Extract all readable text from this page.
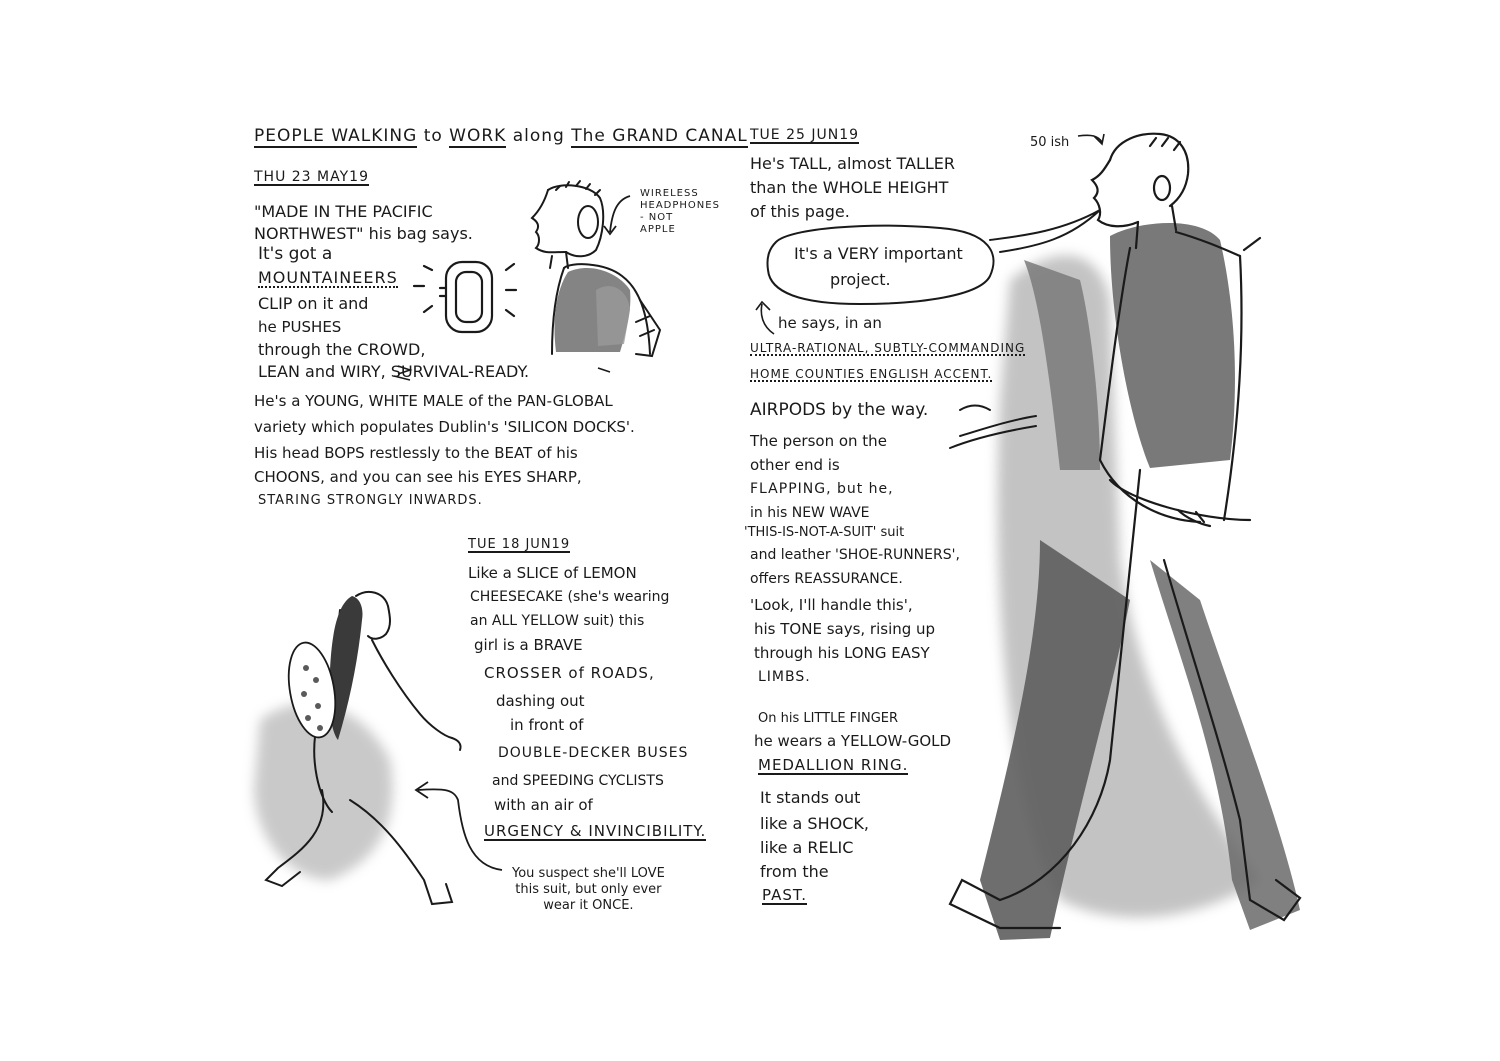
PEOPLE WALKING to WORK along The GRAND CANAL

THU 23 MAY19

"MADE IN THE PACIFIC

NORTHWEST" his bag says.

It's got a

MOUNTAINEERS

CLIP on it and

he PUSHES

through the CROWD,

LEAN and WIRY, SURVIVAL-READY.

He's a YOUNG, WHITE MALE of the PAN-GLOBAL

variety which populates Dublin's 'SILICON DOCKS'.

His head BOPS restlessly to the BEAT of his

CHOONS, and you can see his EYES SHARP,

STARING STRONGLY INWARDS.

WIRELESS
HEADPHONES
- NOT
APPLE

TUE 18 JUN19

Like a SLICE of LEMON

CHEESECAKE (she's wearing

an ALL YELLOW suit) this

girl is a BRAVE

CROSSER of ROADS,

dashing out

in front of

DOUBLE-DECKER BUSES

and SPEEDING CYCLISTS

with an air of

URGENCY & INVINCIBILITY.

You suspect she'll LOVE
this suit, but only ever
wear it ONCE.

TUE 25 JUN19

He's TALL, almost TALLER

than the WHOLE HEIGHT

of this page.

50 ish

It's a VERY important

project.

he says, in an

ULTRA-RATIONAL, SUBTLY-COMMANDING

HOME COUNTIES ENGLISH ACCENT.

AIRPODS by the way.

The person on the

other end is

FLAPPING, but he,

in his NEW WAVE

'THIS-IS-NOT-A-SUIT' suit

and leather 'SHOE-RUNNERS',

offers REASSURANCE.

'Look, I'll handle this',

his TONE says, rising up

through his LONG EASY

LIMBS.

On his LITTLE FINGER

he wears a YELLOW-GOLD

MEDALLION RING.

It stands out

like a SHOCK,

like a RELIC

from the

PAST.
